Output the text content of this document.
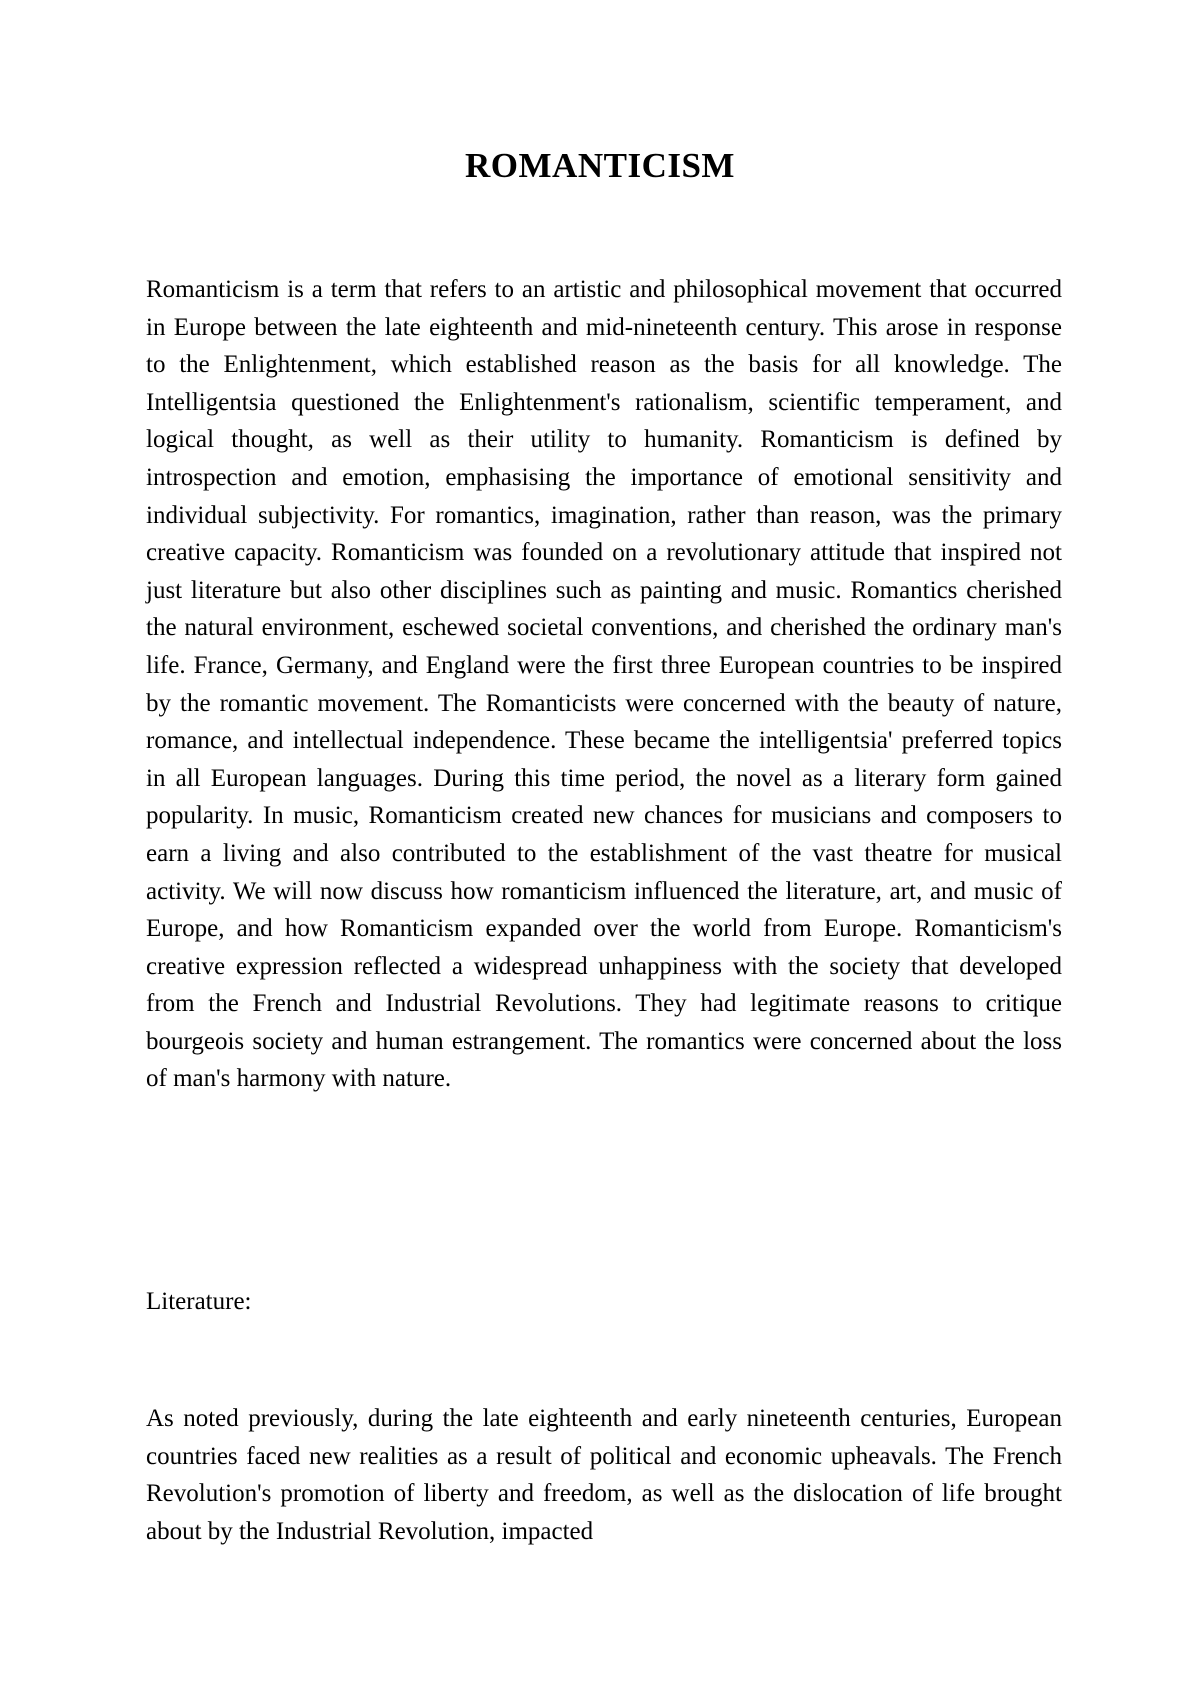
ROMANTICISM

Romanticism is a term that refers to an artistic and philosophical movement that occurred in Europe between the late eighteenth and mid-nineteenth century. This arose in response to the Enlightenment, which established reason as the basis for all knowledge. The Intelligentsia questioned the Enlightenment's rationalism, scientific temperament, and logical thought, as well as their utility to humanity. Romanticism is defined by introspection and emotion, emphasising the importance of emotional sensitivity and individual subjectivity. For romantics, imagination, rather than reason, was the primary creative capacity. Romanticism was founded on a revolutionary attitude that inspired not just literature but also other disciplines such as painting and music. Romantics cherished the natural environment, eschewed societal conventions, and cherished the ordinary man's life. France, Germany, and England were the first three European countries to be inspired by the romantic movement. The Romanticists were concerned with the beauty of nature, romance, and intellectual independence. These became the intelligentsia' preferred topics in all European languages. During this time period, the novel as a literary form gained popularity. In music, Romanticism created new chances for musicians and composers to earn a living and also contributed to the establishment of the vast theatre for musical activity. We will now discuss how romanticism influenced the literature, art, and music of Europe, and how Romanticism expanded over the world from Europe. Romanticism's creative expression reflected a widespread unhappiness with the society that developed from the French and Industrial Revolutions. They had legitimate reasons to critique bourgeois society and human estrangement. The romantics were concerned about the loss of man's harmony with nature.

Literature:

As noted previously, during the late eighteenth and early nineteenth centuries, European countries faced new realities as a result of political and economic upheavals. The French Revolution's promotion of liberty and freedom, as well as the dislocation of life brought about by the Industrial Revolution, impacted
